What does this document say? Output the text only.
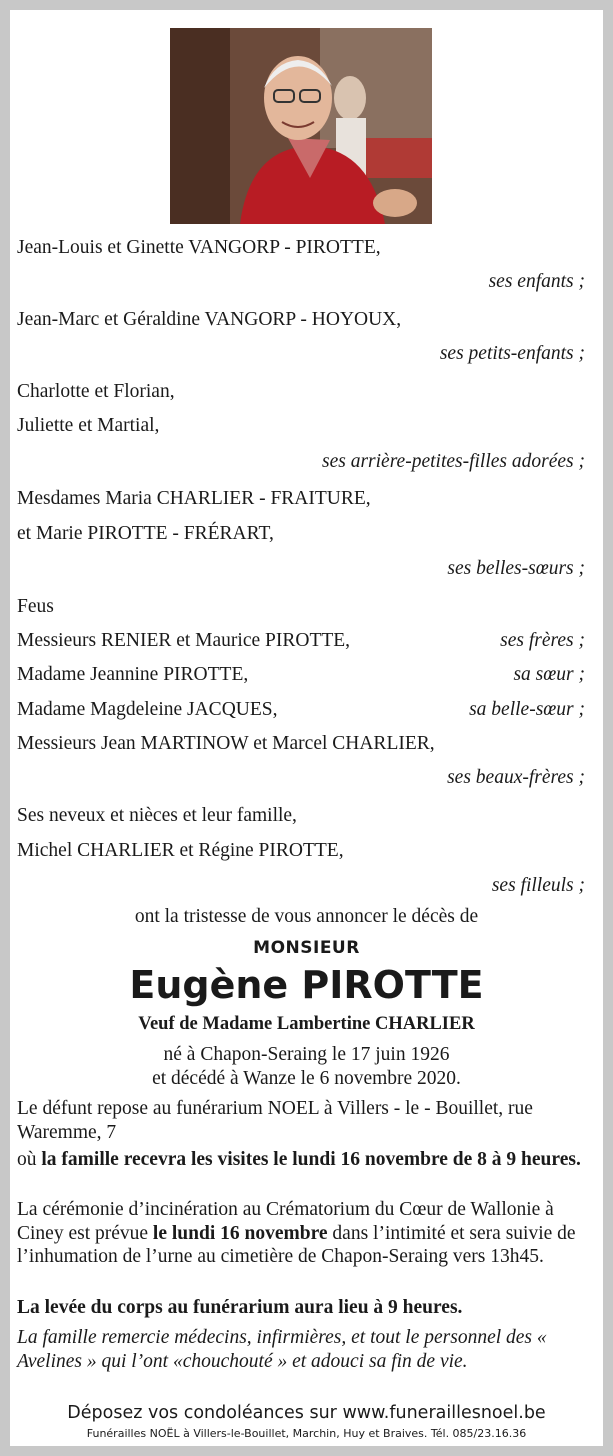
Jean-Louis et Ginette VANGORP - PIROTTE,
ses enfants ;
Jean-Marc et Géraldine VANGORP - HOYOUX,
ses petits-enfants ;
Charlotte et Florian,
Juliette et Martial,
ses arrière-petites-filles adorées ;
Mesdames Maria CHARLIER - FRAITURE,
et Marie PIROTTE - FRÉRART,
ses belles-sœurs ;
Feus
Messieurs RENIER et Maurice PIROTTE,	ses frères ;
Madame Jeannine PIROTTE,	sa sœur ;
Madame Magdeleine JACQUES,	sa belle-sœur ;
Messieurs Jean MARTINOW et Marcel CHARLIER,
ses beaux-frères ;
Ses neveux et nièces et leur famille,
Michel CHARLIER et Régine PIROTTE,
ses filleuls ;
ont la tristesse de vous annoncer le décès de
MONSIEUR
Eugène PIROTTE
Veuf de Madame Lambertine CHARLIER
né à Chapon-Seraing le 17 juin 1926
et décédé à Wanze le 6 novembre 2020.
Le défunt repose au funérarium NOEL à Villers - le - Bouillet, rue Waremme, 7
où la famille recevra les visites le lundi 16 novembre de 8 à 9 heures.
La cérémonie d’incinération au Crématorium du Cœur de Wallonie à Ciney est prévue le lundi 16 novembre dans l’intimité et sera suivie de l’inhumation de l’urne au cimetière de Chapon-Seraing vers 13h45.
La levée du corps au funérarium aura lieu à 9 heures.
La famille remercie médecins, infirmières, et tout le personnel des « Avelines » qui l’ont «chouchouté » et adouci sa fin de vie.
Déposez vos condoléances sur www.funeraillesnoel.be
Funérailles NOËL à Villers-le-Bouillet, Marchin, Huy et Braives. Tél. 085/23.16.36
